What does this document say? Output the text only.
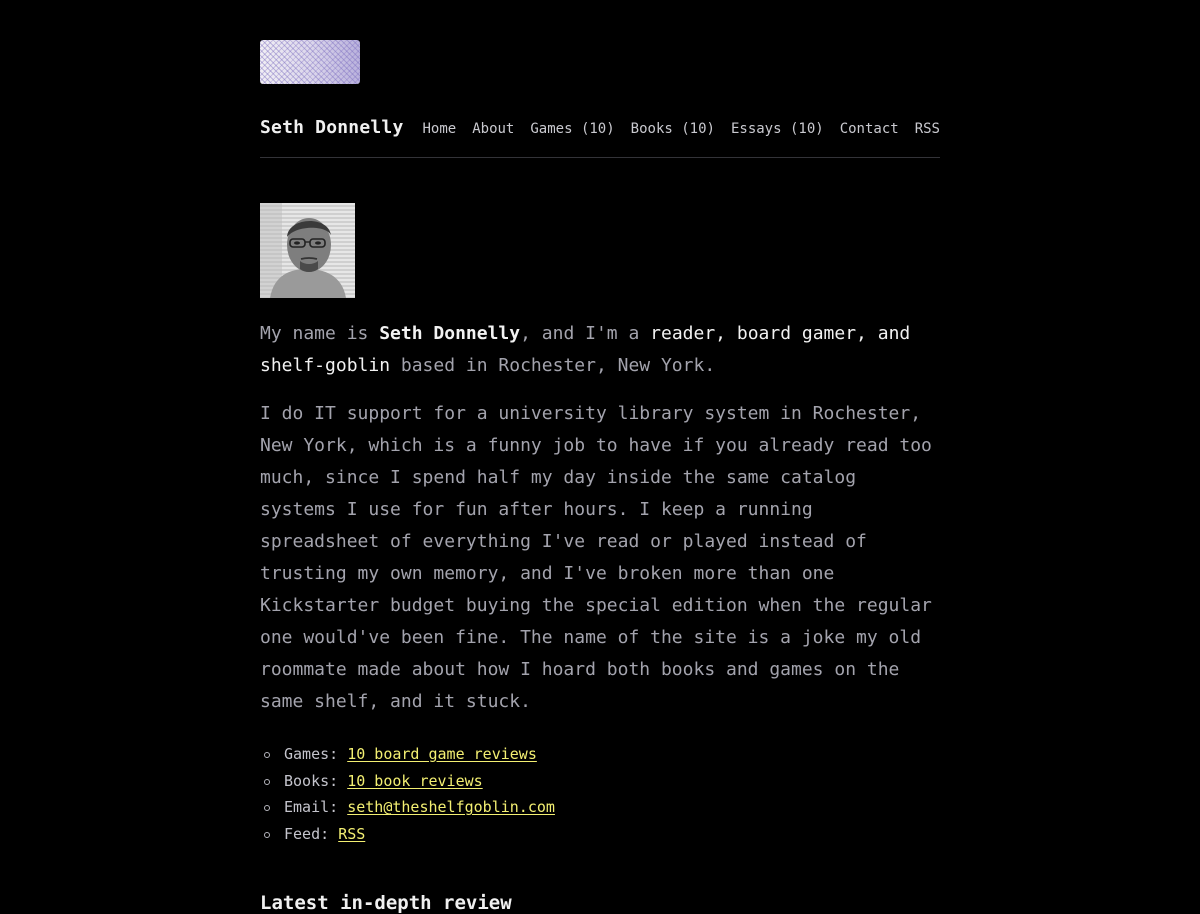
Seth Donnelly Home About Games (10) Books (10) Essays (10) Contact RSS

My name is Seth Donnelly, and I'm a reader, board gamer, and shelf-goblin based in Rochester, New York.

I do IT support for a university library system in Rochester, New York, which is a funny job to have if you already read too much, since I spend half my day inside the same catalog systems I use for fun after hours. I keep a running spreadsheet of everything I've read or played instead of trusting my own memory, and I've broken more than one Kickstarter budget buying the special edition when the regular one would've been fine. The name of the site is a joke my old roommate made about how I hoard both books and games on the same shelf, and it stuck.

Games: 10 board game reviews
Books: 10 book reviews
Email: seth@theshelfgoblin.com
Feed: RSS
Latest in-depth review
